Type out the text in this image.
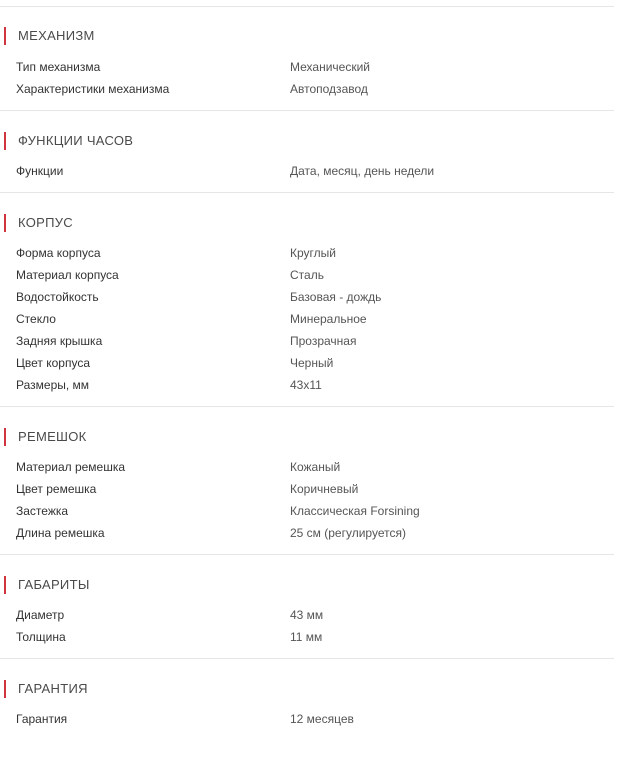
МЕХАНИЗМ
Тип механизма	Механический
Характеристики механизма	Автоподзавод
ФУНКЦИИ ЧАСОВ
Функции	Дата, месяц, день недели
КОРПУС
Форма корпуса	Круглый
Материал корпуса	Сталь
Водостойкость	Базовая - дождь
Стекло	Минеральное
Задняя крышка	Прозрачная
Цвет корпуса	Черный
Размеры, мм	43х11
РЕМЕШОК
Материал ремешка	Кожаный
Цвет ремешка	Коричневый
Застежка	Классическая Forsining
Длина ремешка	25 см (регулируется)
ГАБАРИТЫ
Диаметр	43 мм
Толщина	11 мм
ГАРАНТИЯ
Гарантия	12 месяцев
